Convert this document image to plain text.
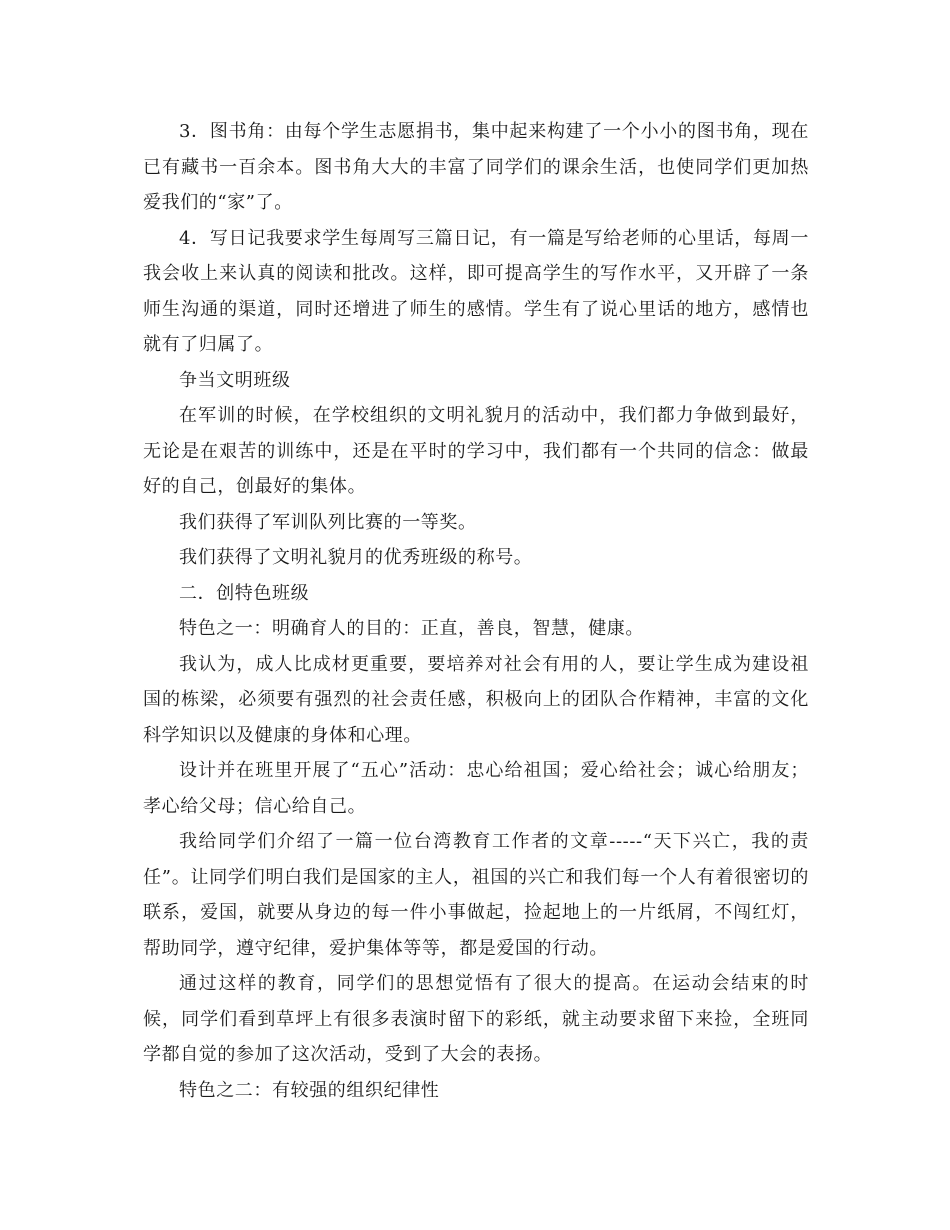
3．图书角：由每个学生志愿捐书，集中起来构建了一个小小的图书角，现在已有藏书一百余本。图书角大大的丰富了同学们的课余生活，也使同学们更加热爱我们的“家”了。

4．写日记我要求学生每周写三篇日记，有一篇是写给老师的心里话，每周一我会收上来认真的阅读和批改。这样，即可提高学生的写作水平，又开辟了一条师生沟通的渠道，同时还增进了师生的感情。学生有了说心里话的地方，感情也就有了归属了。

争当文明班级

在军训的时候，在学校组织的文明礼貌月的活动中，我们都力争做到最好，无论是在艰苦的训练中，还是在平时的学习中，我们都有一个共同的信念：做最好的自己，创最好的集体。

我们获得了军训队列比赛的一等奖。

我们获得了文明礼貌月的优秀班级的称号。

二．创特色班级

特色之一：明确育人的目的：正直，善良，智慧，健康。

我认为，成人比成材更重要，要培养对社会有用的人，要让学生成为建设祖国的栋梁，必须要有强烈的社会责任感，积极向上的团队合作精神，丰富的文化科学知识以及健康的身体和心理。

设计并在班里开展了“五心”活动：忠心给祖国；爱心给社会；诚心给朋友；孝心给父母；信心给自己。

我给同学们介绍了一篇一位台湾教育工作者的文章-----“天下兴亡，我的责任”。让同学们明白我们是国家的主人，祖国的兴亡和我们每一个人有着很密切的联系，爱国，就要从身边的每一件小事做起，捡起地上的一片纸屑，不闯红灯，帮助同学，遵守纪律，爱护集体等等，都是爱国的行动。

通过这样的教育，同学们的思想觉悟有了很大的提高。在运动会结束的时候，同学们看到草坪上有很多表演时留下的彩纸，就主动要求留下来捡，全班同学都自觉的参加了这次活动，受到了大会的表扬。

特色之二：有较强的组织纪律性
